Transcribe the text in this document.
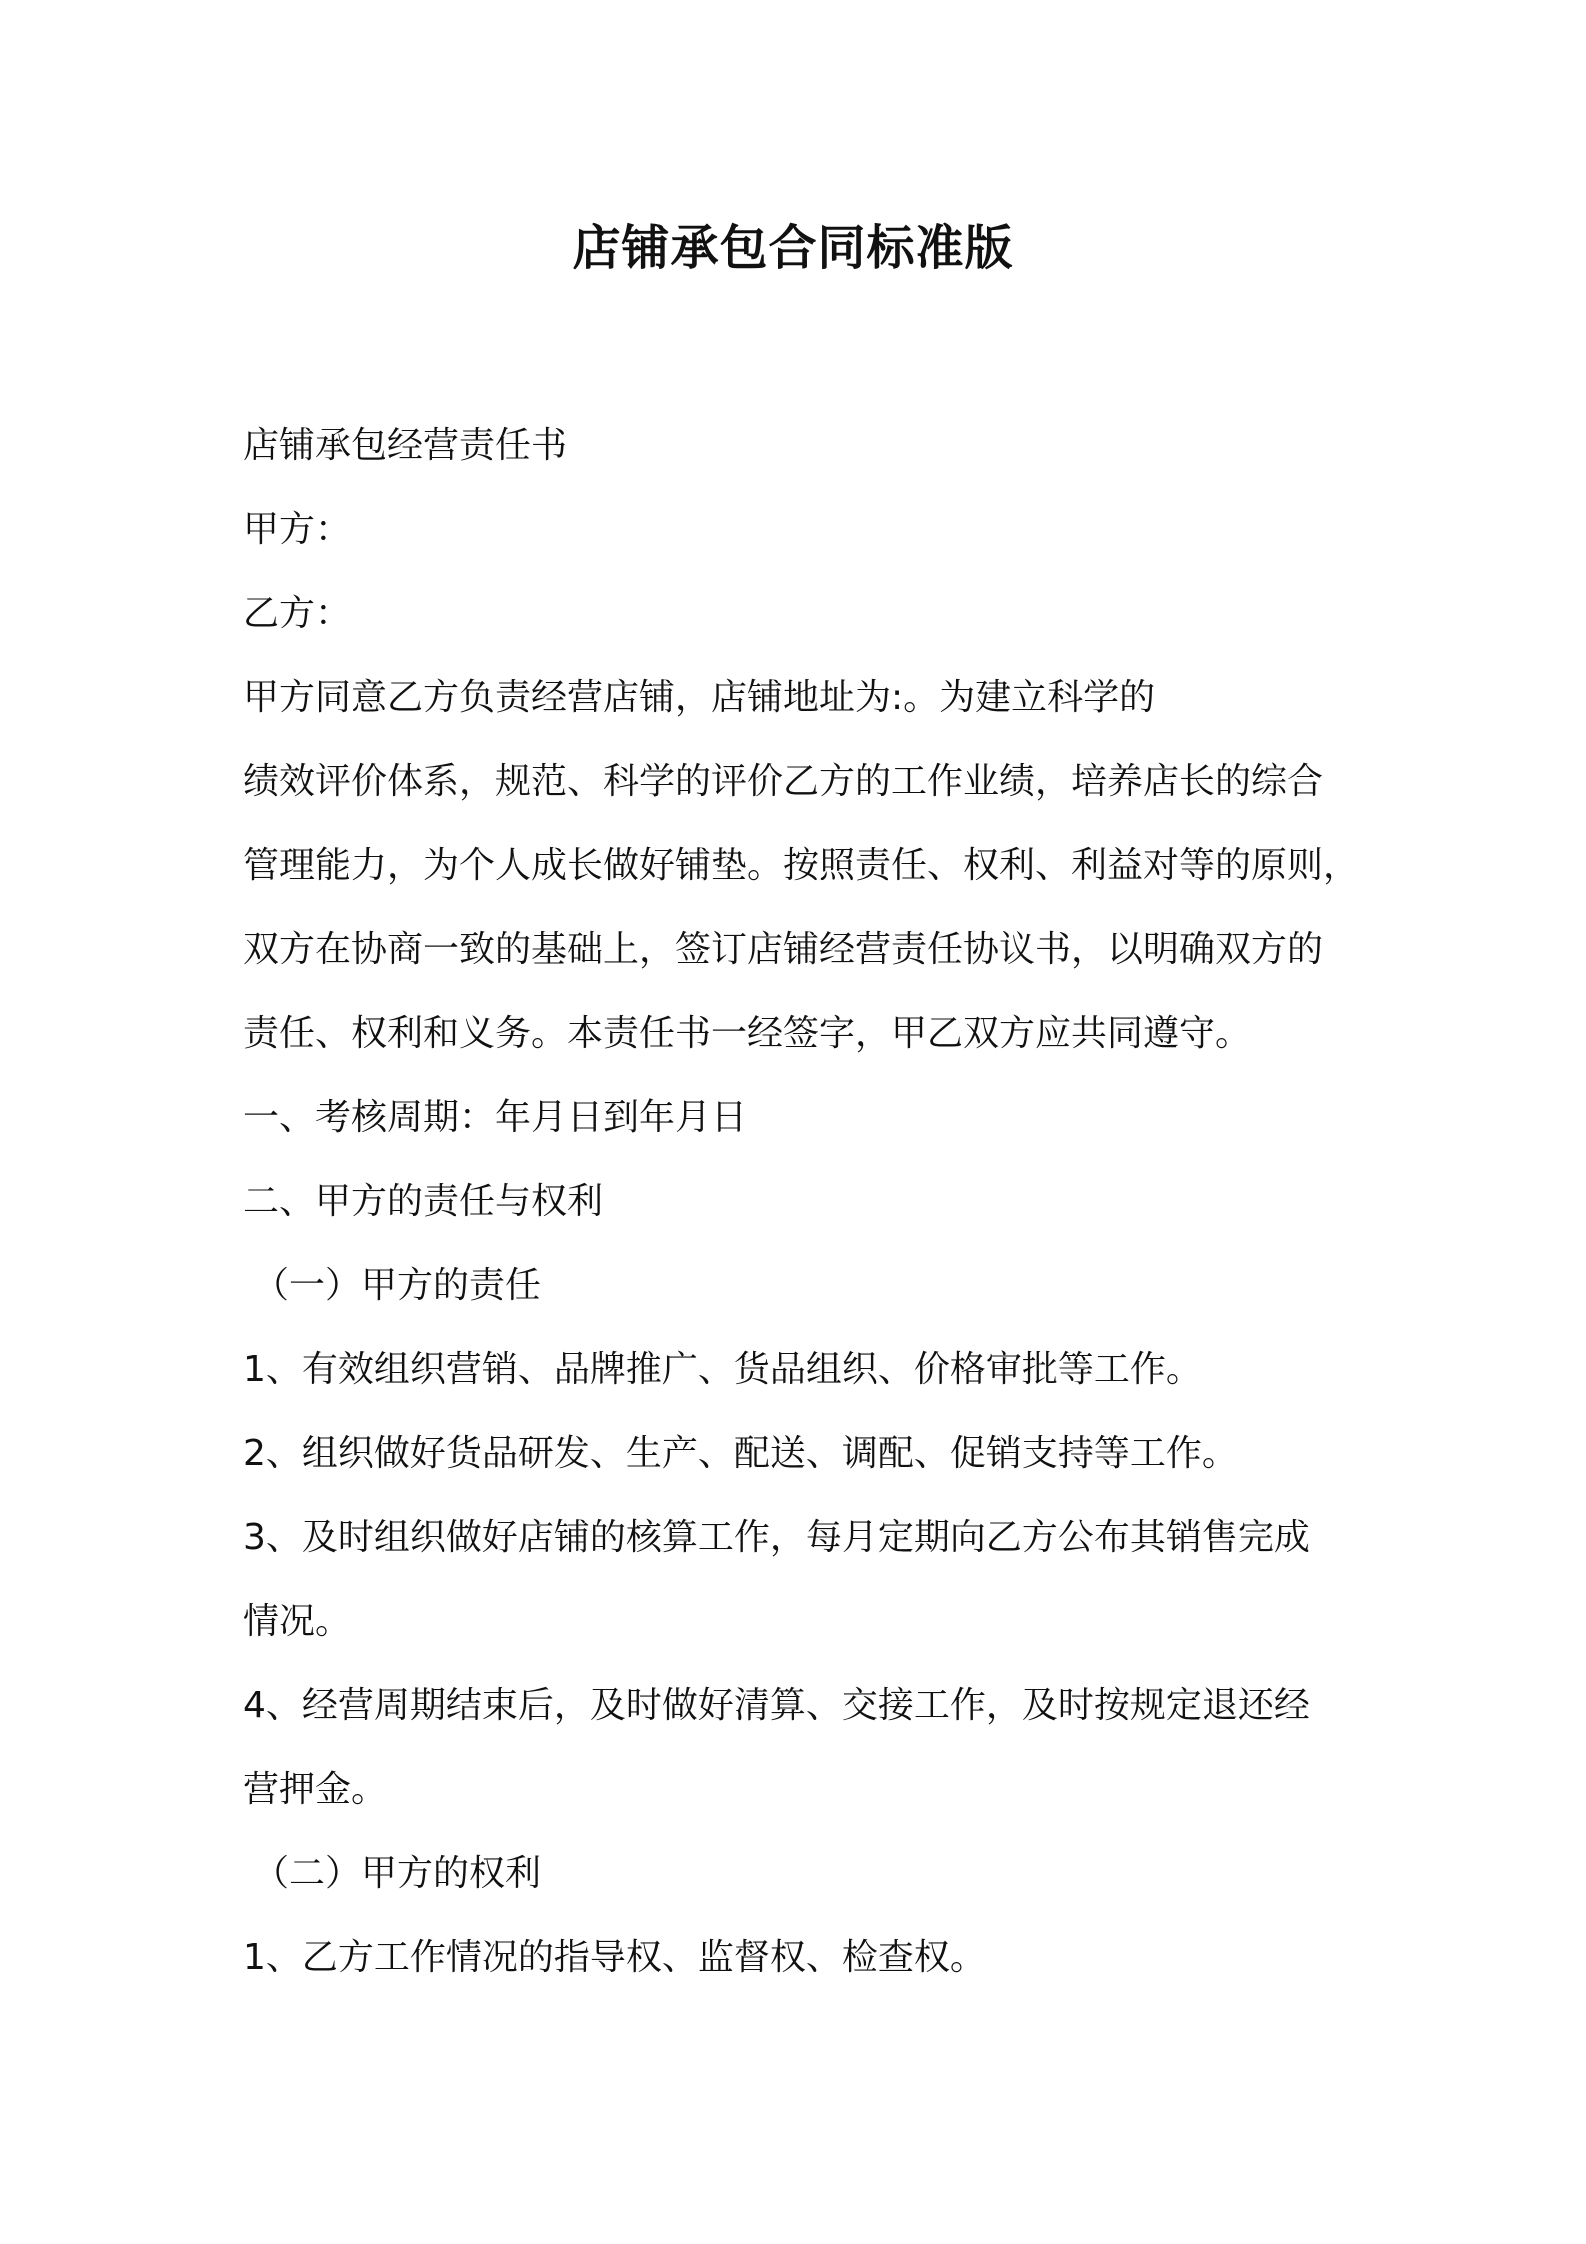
店铺承包合同标准版
店铺承包经营责任书
甲方：
乙方：
甲方同意乙方负责经营店铺，店铺地址为:。为建立科学的
绩效评价体系，规范、科学的评价乙方的工作业绩，培养店长的综合
管理能力，为个人成长做好铺垫。按照责任、权利、利益对等的原则，
双方在协商一致的基础上，签订店铺经营责任协议书，以明确双方的
责任、权利和义务。本责任书一经签字，甲乙双方应共同遵守。
一、考核周期：年月日到年月日
二、甲方的责任与权利
（一）甲方的责任
1、有效组织营销、品牌推广、货品组织、价格审批等工作。
2、组织做好货品研发、生产、配送、调配、促销支持等工作。
3、及时组织做好店铺的核算工作，每月定期向乙方公布其销售完成
情况。
4、经营周期结束后，及时做好清算、交接工作，及时按规定退还经
营押金。
（二）甲方的权利
1、乙方工作情况的指导权、监督权、检查权。
